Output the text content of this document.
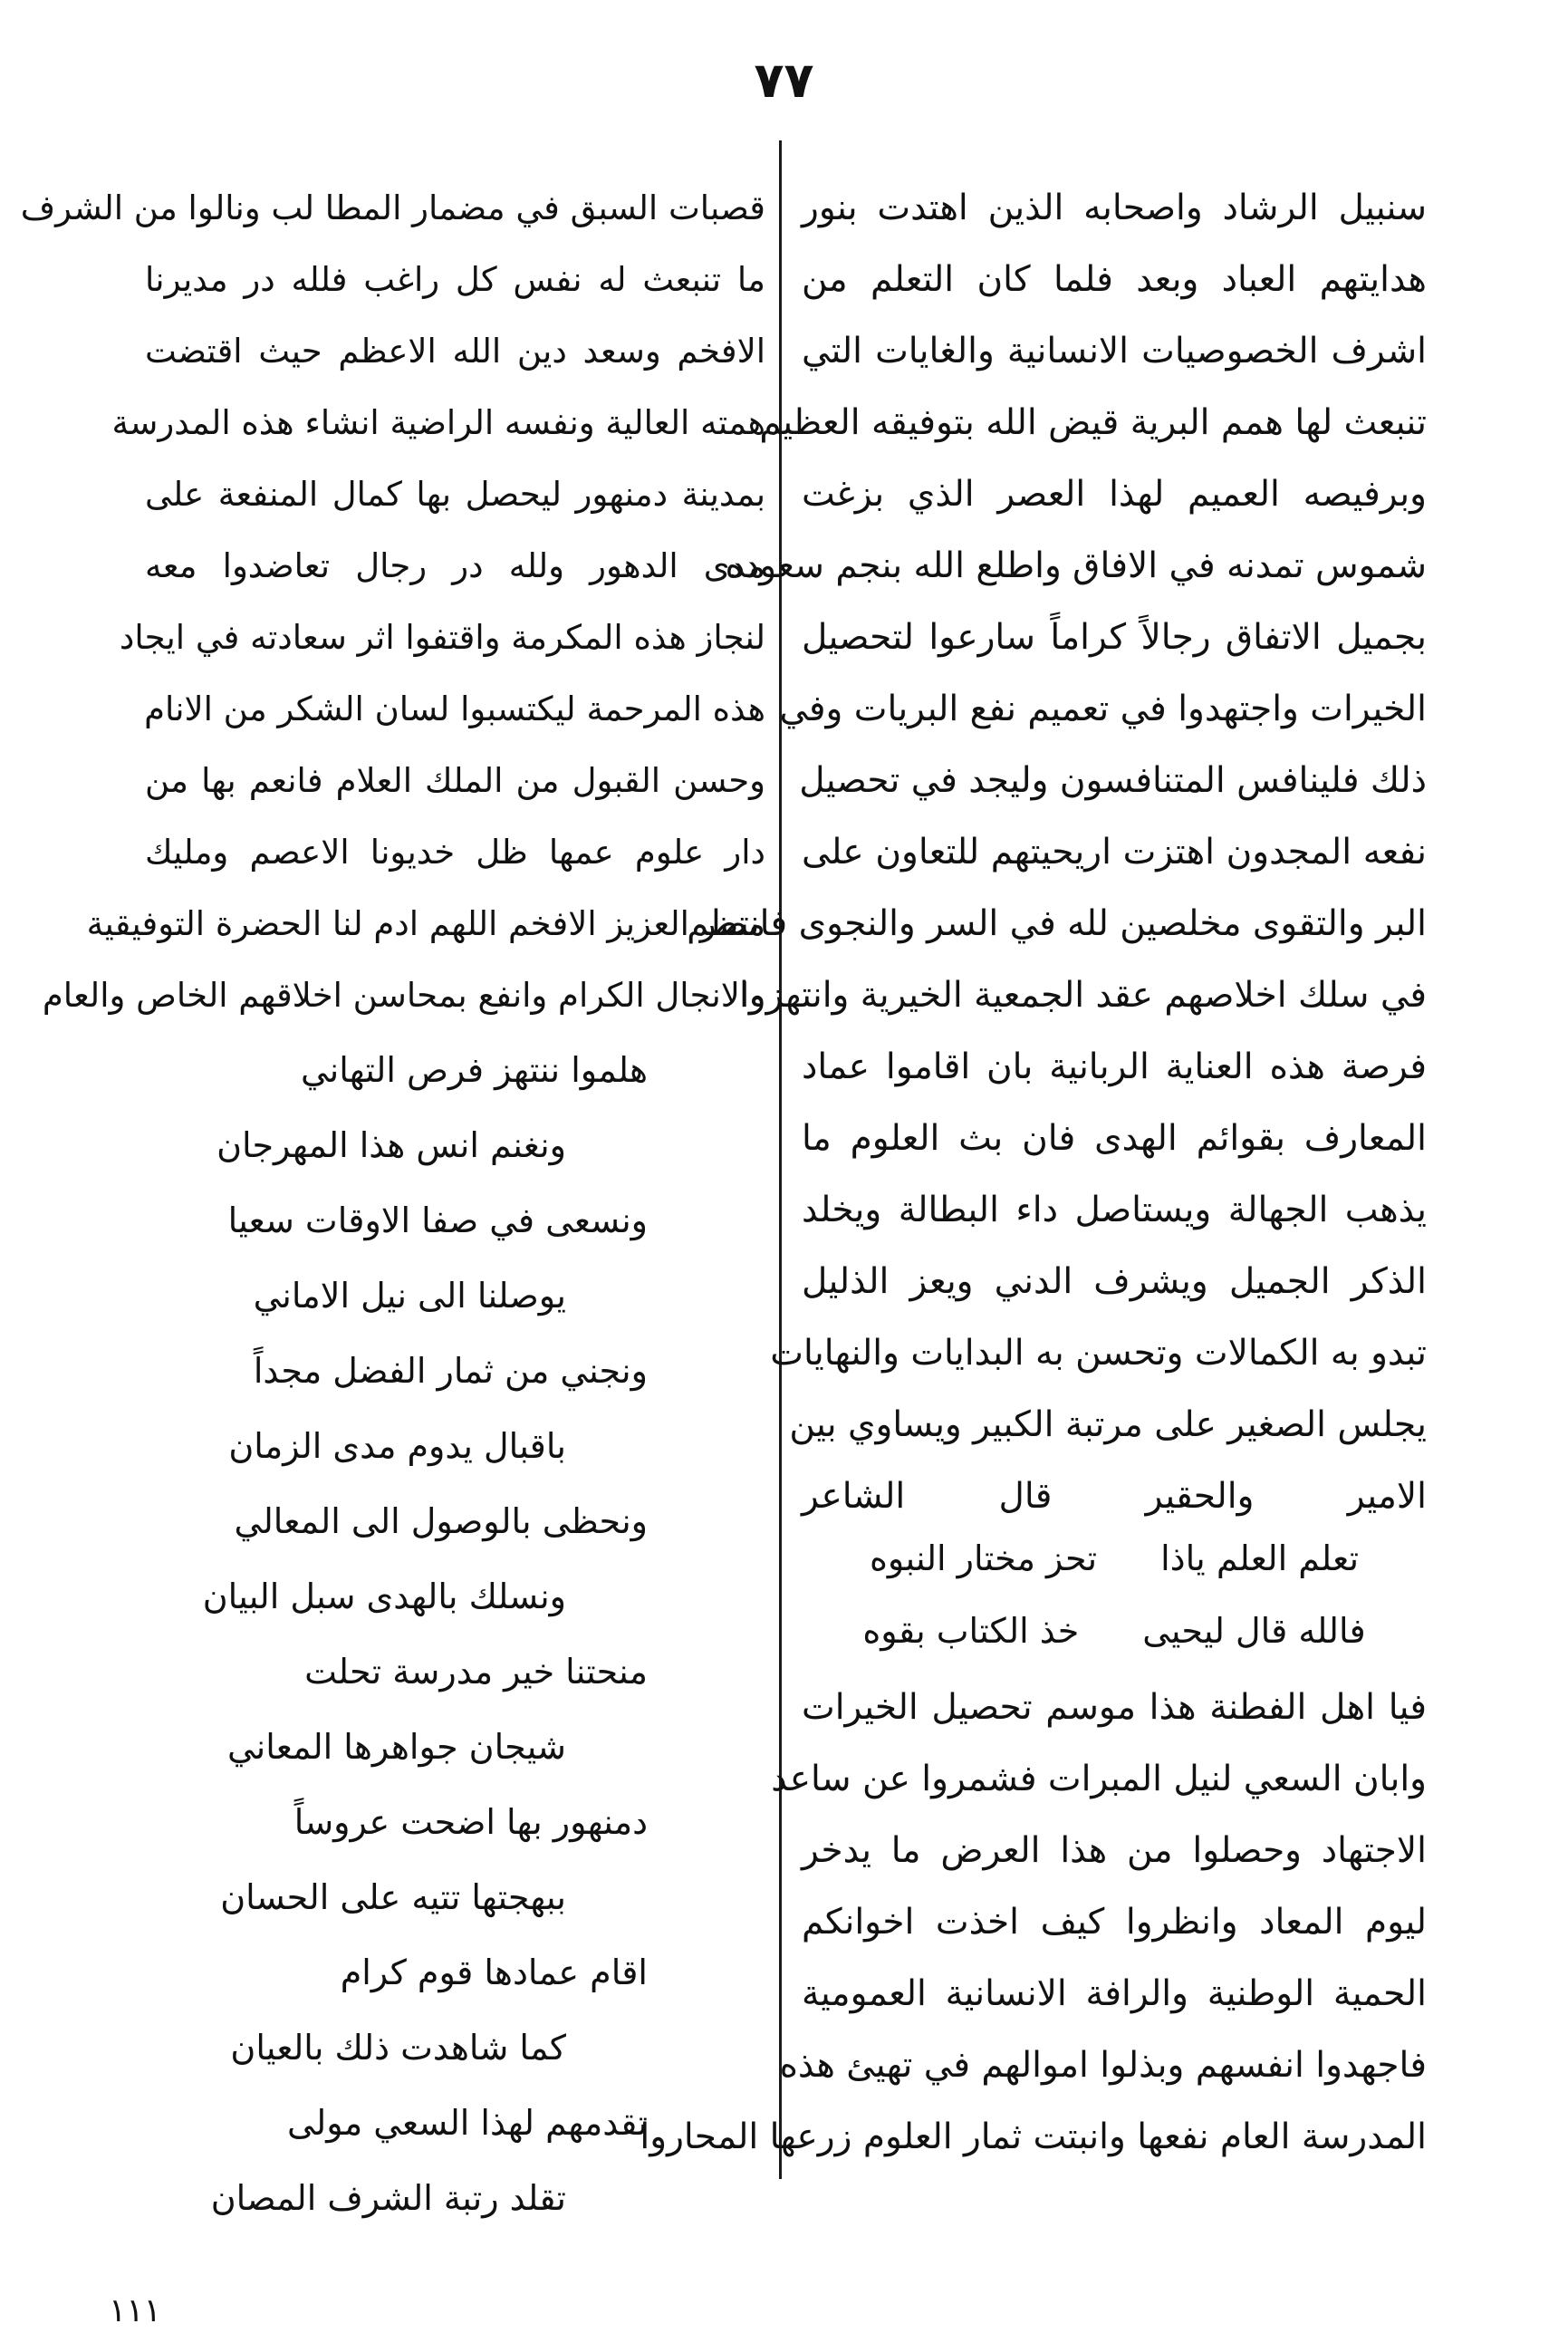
٧٧
سنبيل الرشاد واصحابه الذين اهتدت بنور
هدايتهم العباد وبعد فلما كان التعلم من
اشرف الخصوصيات الانسانية والغايات التي
تنبعث لها همم البرية قيض الله بتوفيقه العظيم
وبرفيصه العميم لهذا العصر الذي بزغت
شموس تمدنه في الافاق واطلع الله بنجم سعوده
بجميل الاتفاق رجالاً كراماً سارعوا لتحصيل
الخيرات واجتهدوا في تعميم نفع البريات وفي
ذلك فلينافس المتنافسون وليجد في تحصيل
نفعه المجدون اهتزت اريحيتهم للتعاون على
البر والتقوى مخلصين لله في السر والنجوى فانتظم
في سلك اخلاصهم عقد الجمعية الخيرية وانتهزوا
فرصة هذه العناية الربانية بان اقاموا عماد
المعارف بقوائم الهدى فان بث العلوم ما
يذهب الجهالة ويستاصل داء البطالة ويخلد
الذكر الجميل ويشرف الدني ويعز الذليل
تبدو به الكمالات وتحسن به البدايات والنهايات
يجلس الصغير على مرتبة الكبير ويساوي بين
الامير والحقير قال الشاعر
تعلم العلم ياذا
تحز مختار النبوه
فالله قال ليحيى
خذ الكتاب بقوه
فيا اهل الفطنة هذا موسم تحصيل الخيرات
وابان السعي لنيل المبرات فشمروا عن ساعد
الاجتهاد وحصلوا من هذا العرض ما يدخر
ليوم المعاد وانظروا كيف اخذت اخوانكم
الحمية الوطنية والرافة الانسانية العمومية
فاجهدوا انفسهم وبذلوا اموالهم في تهيئ هذه
المدرسة العام نفعها وانبتت ثمار العلوم زرعها المحاروا
قصبات السبق في مضمار المطا لب ونالوا من الشرف
ما تنبعث له نفس كل راغب فلله در مديرنا
الافخم وسعد دين الله الاعظم حيث اقتضت
همته العالية ونفسه الراضية انشاء هذه المدرسة
بمدينة دمنهور ليحصل بها كمال المنفعة على
مدى الدهور ولله در رجال تعاضدوا معه
لنجاز هذه المكرمة واقتفوا اثر سعادته في ايجاد
هذه المرحمة ليكتسبوا لسان الشكر من الانام
وحسن القبول من الملك العلام فانعم بها من
دار علوم عمها ظل خديونا الاعصم ومليك
مصر العزيز الافخم اللهم ادم لنا الحضرة التوفيقية
والانجال الكرام وانفع بمحاسن اخلاقهم الخاص والعام
هلموا ننتهز فرص التهاني
ونغنم انس هذا المهرجان
ونسعى في صفا الاوقات سعيا
يوصلنا الى نيل الاماني
ونجني من ثمار الفضل مجداً
باقبال يدوم مدى الزمان
ونحظى بالوصول الى المعالي
ونسلك بالهدى سبل البيان
منحتنا خير مدرسة تحلت
شيجان جواهرها المعاني
دمنهور بها اضحت عروساً
ببهجتها تتيه على الحسان
اقام عمادها قوم كرام
كما شاهدت ذلك بالعيان
تقدمهم لهذا السعي مولى
تقلد رتبة الشرف المصان
١١١
